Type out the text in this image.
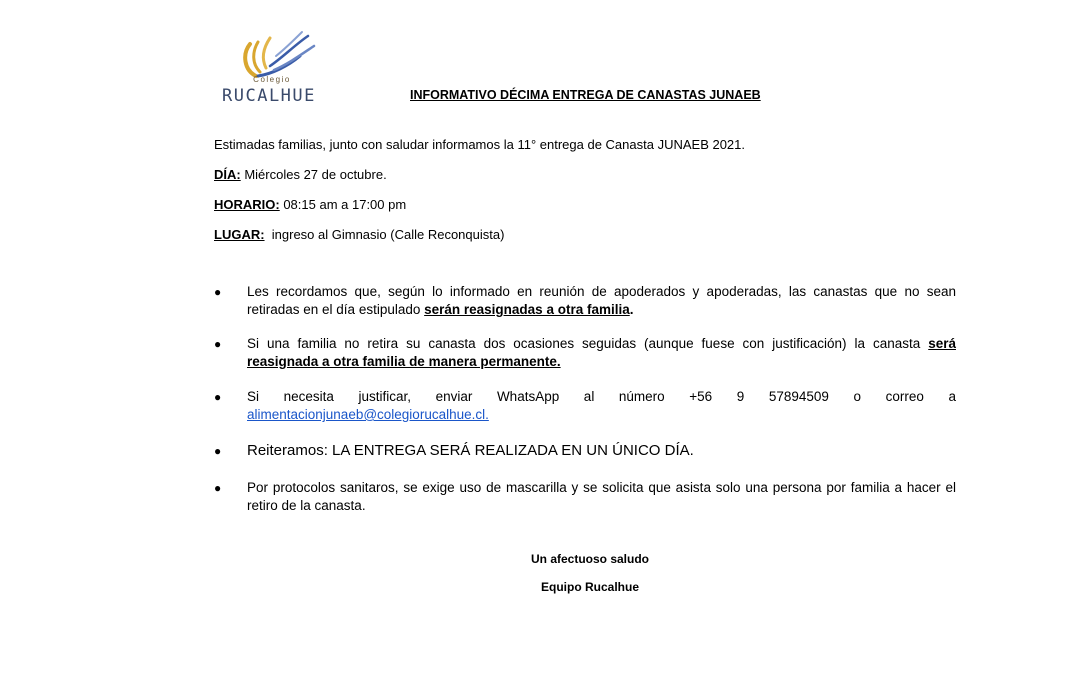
Colegio
RUCALHUE	INFORMATIVO DÉCIMA ENTREGA DE CANASTAS JUNAEB
Estimadas familias, junto con saludar informamos la 11° entrega de Canasta JUNAEB 2021.
DÍA: Miércoles 27 de octubre.
HORARIO: 08:15 am a 17:00 pm
LUGAR:  ingreso al Gimnasio (Calle Reconquista)
● Les recordamos que, según lo informado en reunión de apoderados y apoderadas, las canastas que no sean retiradas en el día estipulado serán reasignadas a otra familia.
● Si una familia no retira su canasta dos ocasiones seguidas (aunque fuese con justificación) la canasta será reasignada a otra familia de manera permanente.
● Si necesita justificar, enviar WhatsApp al número +56 9 57894509 o correo a
alimentacionjunaeb@colegiorucalhue.cl.
● Reiteramos: LA ENTREGA SERÁ REALIZADA EN UN ÚNICO DÍA.
● Por protocolos sanitaros, se exige uso de mascarilla y se solicita que asista solo una persona por familia a hacer el retiro de la canasta.
Un afectuoso saludo
Equipo Rucalhue
